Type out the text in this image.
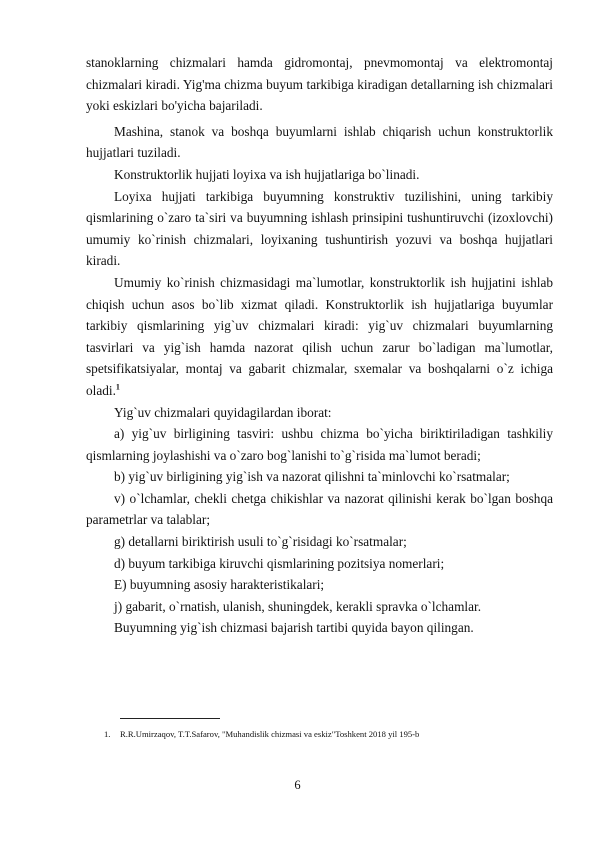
stanoklarning chizmalari hamda gidromontaj, pnevmomontaj va elektromontaj chizmalari kiradi. Yig'ma chizma buyum tarkibiga kiradigan detallarning ish chizmalari yoki eskizlari bo'yicha bajariladi.

Mashina, stanok va boshqa buyumlarni ishlab chiqarish uchun konstruktorlik hujjatlari tuziladi.

Konstruktorlik hujjati loyixa va ish hujjatlariga bo`linadi.

Loyixa hujjati tarkibiga buyumning konstruktiv tuzilishini, uning tarkibiy qismlarining o`zaro ta`siri va buyumning ishlash prinsipini tushuntiruvchi (izoxlovchi) umumiy ko`rinish chizmalari, loyixaning tushuntirish yozuvi va boshqa hujjatlari kiradi.

Umumiy ko`rinish chizmasidagi ma`lumotlar, konstruktorlik ish hujjatini ishlab chiqish uchun asos bo`lib xizmat qiladi. Konstruktorlik ish hujjatlariga buyumlar tarkibiy qismlarining yig`uv chizmalari kiradi: yig`uv chizmalari buyumlarning tasvirlari va yig`ish hamda nazorat qilish uchun zarur bo`ladigan ma`lumotlar, spetsifikatsiyalar, montaj va gabarit chizmalar, sxemalar va boshqalarni o`z ichiga oladi.$^1$

Yig`uv chizmalari quyidagilardan iborat:

a) yig`uv birligining tasviri: ushbu chizma bo`yicha biriktiriladigan tashkiliy qismlarning joylashishi va o`zaro bog`lanishi to`g`risida ma`lumot beradi;

b) yig`uv birligining yig`ish va nazorat qilishni ta`minlovchi ko`rsatmalar;

v) o`lchamlar, chekli chetga chikishlar va nazorat qilinishi kerak bo`lgan boshqa parametrlar va talablar;

g) detallarni biriktirish usuli to`g`risidagi ko`rsatmalar;

d) buyum tarkibiga kiruvchi qismlarining pozitsiya nomerlari;

E) buyumning asosiy harakteristikalari;

j) gabarit, o`rnatish, ulanish, shuningdek, kerakli spravka o`lchamlar.

Buyumning yig`ish chizmasi bajarish tartibi quyida bayon qilingan.

1. R.R.Umirzaqov, T.T.Safarov, "Muhandislik chizmasi va eskiz"Toshkent 2018 yil 195-b
6
